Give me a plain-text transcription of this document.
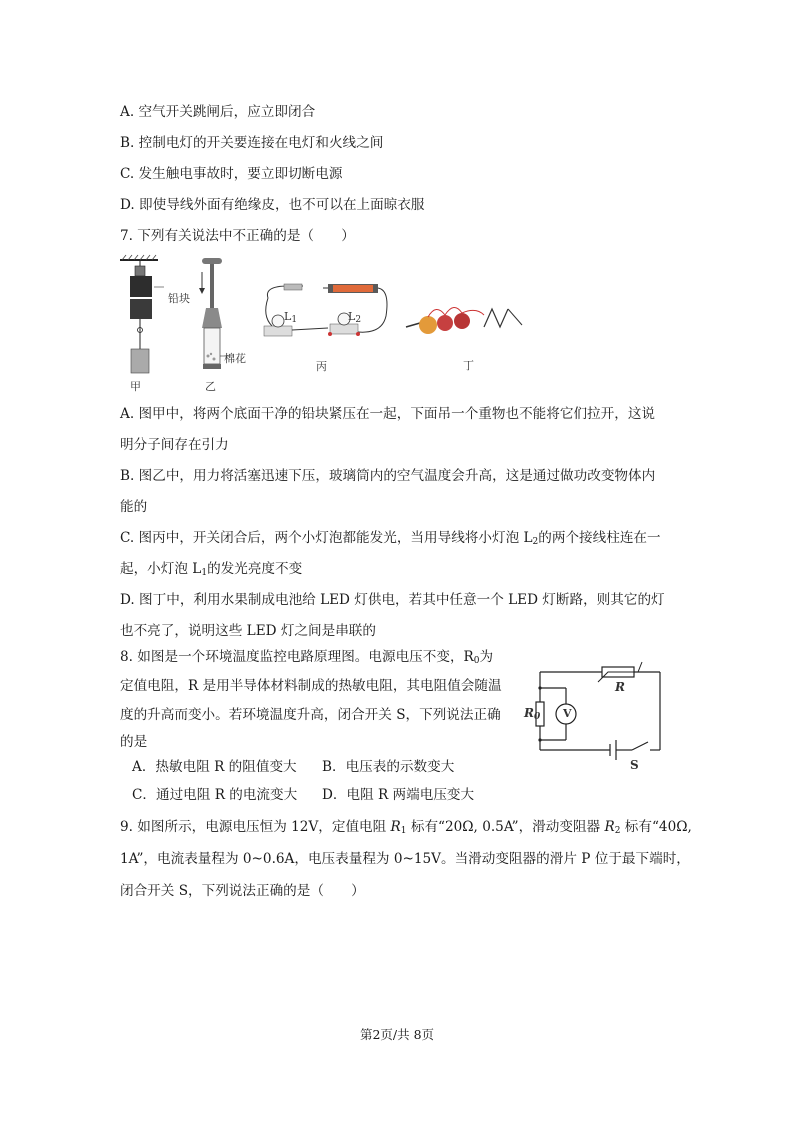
A. 空气开关跳闸后，应立即闭合
B. 控制电灯的开关要连接在电灯和火线之间
C. 发生触电事故时，要立即切断电源
D. 即使导线外面有绝缘皮，也不可以在上面晾衣服
7. 下列有关说法中不正确的是（　　）
铅块
甲
棉花
乙
$L_1$	$L_2$
丙	丁
A. 图甲中，将两个底面干净的铅块紧压在一起，下面吊一个重物也不能将它们拉开，这说
明分子间存在引力
B. 图乙中，用力将活塞迅速下压，玻璃筒内的空气温度会升高，这是通过做功改变物体内
能的
C. 图丙中，开关闭合后，两个小灯泡都能发光，当用导线将小灯泡 $L_2$的两个接线柱连在一
起，小灯泡 $L_1$的发光亮度不变
D. 图丁中，利用水果制成电池给 LED 灯供电，若其中任意一个 LED 灯断路，则其它的灯
也不亮了，说明这些 LED 灯之间是串联的
8. 如图是一个环境温度监控电路原理图。电源电压不变，$R_0$为
定值电阻，R 是用半导体材料制成的热敏电阻，其电阻值会随温
度的升高而变小。若环境温度升高，闭合开关 S，下列说法正确
的是
A．热敏电阻 R 的阻值变大 B．电压表的示数变大
C．通过电阻 R 的电流变大 D．电阻 R 两端电压变大
R
$R_0$ V
S
9. 如图所示，电源电压恒为 12V，定值电阻 $R_1$ 标有“20Ω, 0.5A”，滑动变阻器 $R_2$ 标有“40Ω,
1A”，电流表量程为 0~0.6A，电压表量程为 0~15V。当滑动变阻器的滑片 P 位于最下端时，
闭合开关 S，下列说法正确的是（　　）
第2页/共 8页
